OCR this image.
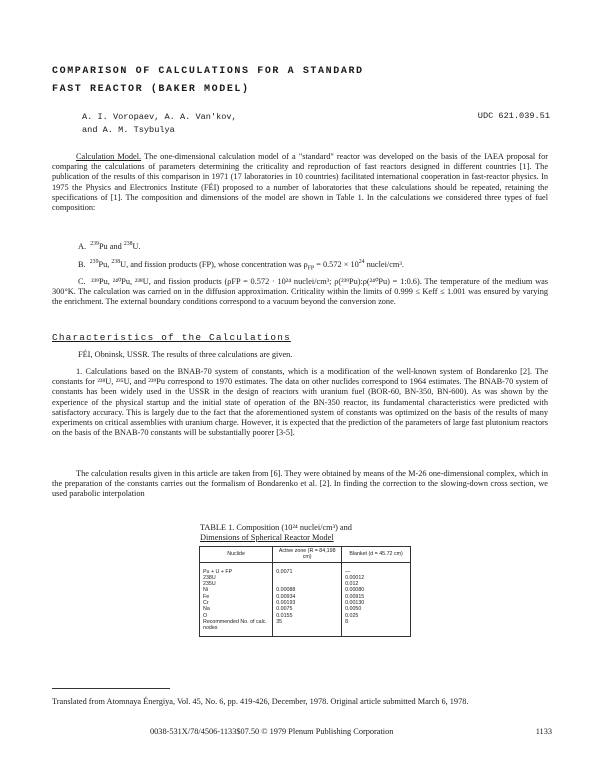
COMPARISON OF CALCULATIONS FOR A STANDARD
FAST REACTOR (BAKER MODEL)
A. I. Voropaev, A. A. Van'kov,
and A. M. Tsybulya
UDC 621.039.51
Calculation Model. The one-dimensional calculation model of a "standard" reactor was developed on the basis of the IAEA proposal for comparing the calculations of parameters determining the criticality and reproduction of fast reactors designed in different countries [1]. The publication of the results of this comparison in 1971 (17 laboratories in 10 countries) facilitated international cooperation in fast-reactor physics. In 1975 the Physics and Electronics Institute (FÉI) proposed to a number of laboratories that these calculations should be repeated, retaining the specifications of [1]. The composition and dimensions of the model are shown in Table 1. In the calculations we considered three types of fuel composition:
A. $^{239}$Pu and $^{238}$U.
B. $^{239}$Pu, $^{238}$U, and fission products (FP), whose concentration was $\rho_{FP} = 0.572 \times 10^{24}$ nuclei/cm³.
C. ²³⁹Pu, ²⁴⁰Pu, ²³⁸U, and fission products (ρFP = 0.572 · 10²⁴ nuclei/cm³; ρ(²³⁹Pu):ρ(²⁴⁰Pu) = 1:0.6). The temperature of the medium was 300°K. The calculation was carried on in the diffusion approximation. Criticality within the limits of 0.999 ≤ Keff ≤ 1.001 was ensured by varying the enrichment. The external boundary conditions correspond to a vacuum beyond the conversion zone.
Characteristics of the Calculations
FÉI, Obninsk, USSR. The results of three calculations are given.
1. Calculations based on the BNAB-70 system of constants, which is a modification of the well-known system of Bondarenko [2]. The constants for ²³⁸U, ²³⁵U, and ²³⁹Pu correspond to 1970 estimates. The data on other nuclides correspond to 1964 estimates. The BNAB-70 system of constants has been widely used in the USSR in the design of reactors with uranium fuel (BOR-60, BN-350, BN-600). As was shown by the experience of the physical startup and the initial state of operation of the BN-350 reactor, its fundamental characteristics were predicted with satisfactory accuracy. This is largely due to the fact that the aforementioned system of constants was optimized on the basis of the results of many experiments on critical assemblies with uranium charge. However, it is expected that the prediction of the parameters of large fast plutonium reactors on the basis of the BNAB-70 constants will be substantially poorer [3-5].
The calculation results given in this article are taken from [6]. They were obtained by means of the M-26 one-dimensional complex, which in the preparation of the constants carries out the formalism of Bondarenko et al. [2]. In finding the correction to the slowing-down cross section, we used parabolic interpolation
TABLE 1. Composition (10²⁴ nuclei/cm³) and
Dimensions of Spherical Reactor Model
Nuclide	Active zone (R = 84,198 cm)	Blanket (d = 45.72 cm)
Pu + U + FP	0.0071	—
238U		0.00012
235U		0.012
Ni	0.00088	0.00080
Fe	0.00934	0.00915
Cr	0.00193	0.00130
Na	0.0075	0.0050
O	0.0155	0.025
Recommended No. of calc. nodes	35	8
Translated from Atomnaya Énergiya, Vol. 45, No. 6, pp. 419-426, December, 1978. Original article submitted March 6, 1978.
0038-531X/78/4506-1133$07.50 © 1979 Plenum Publishing Corporation	1133
